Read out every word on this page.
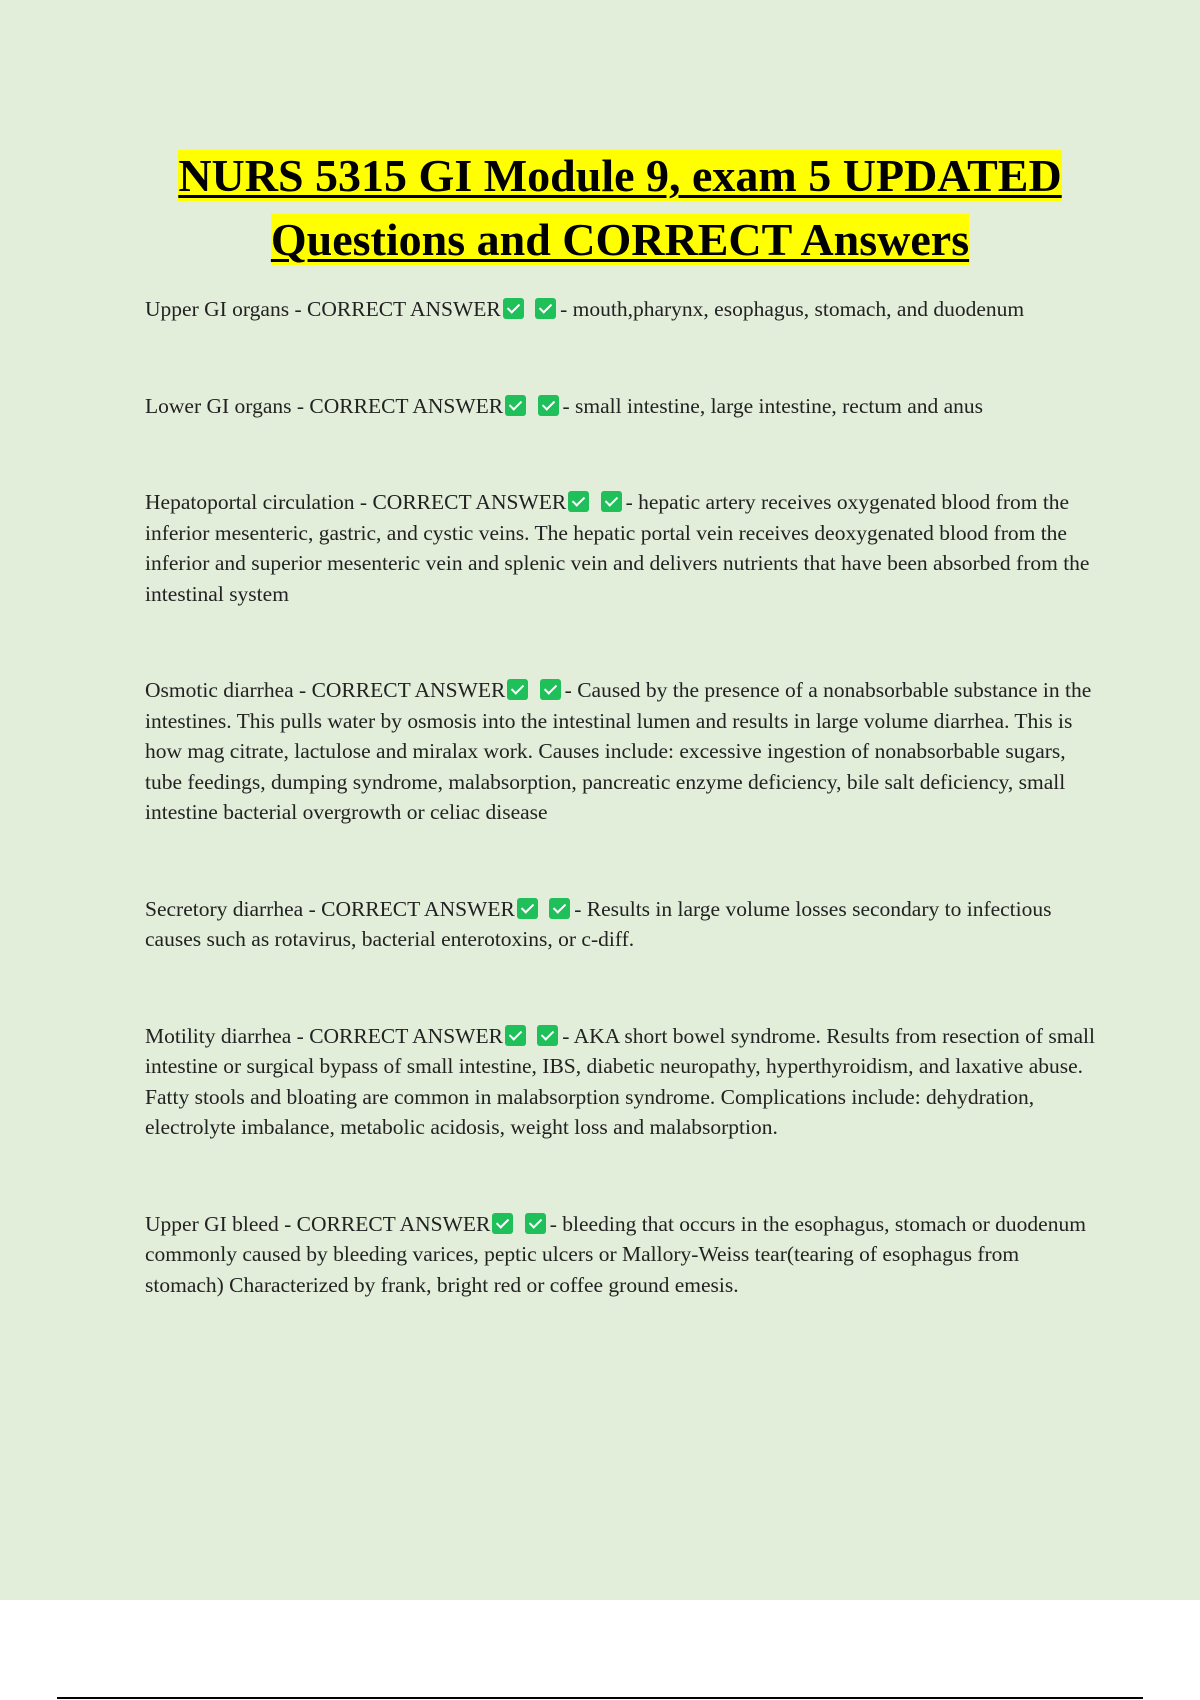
NURS 5315 GI Module 9, exam 5 UPDATED
Questions and CORRECT Answers

Upper GI organs - CORRECT ANSWER	- mouth,pharynx, esophagus, stomach, and duodenum

Lower GI organs - CORRECT ANSWER	- small intestine, large intestine, rectum and anus

Hepatoportal circulation - CORRECT ANSWER	- hepatic artery receives oxygenated blood from the inferior mesenteric, gastric, and cystic veins. The hepatic portal vein receives deoxygenated blood from the inferior and superior mesenteric vein and splenic vein and delivers nutrients that have been absorbed from the intestinal system

Osmotic diarrhea - CORRECT ANSWER	- Caused by the presence of a nonabsorbable substance in the intestines. This pulls water by osmosis into the intestinal lumen and results in large volume diarrhea. This is how mag citrate, lactulose and miralax work. Causes include: excessive ingestion of nonabsorbable sugars, tube feedings, dumping syndrome, malabsorption, pancreatic enzyme deficiency, bile salt deficiency, small intestine bacterial overgrowth or celiac disease

Secretory diarrhea - CORRECT ANSWER	- Results in large volume losses secondary to infectious causes such as rotavirus, bacterial enterotoxins, or c-diff.

Motility diarrhea - CORRECT ANSWER	- AKA short bowel syndrome. Results from resection of small intestine or surgical bypass of small intestine, IBS, diabetic neuropathy, hyperthyroidism, and laxative abuse. Fatty stools and bloating are common in malabsorption syndrome. Complications include: dehydration, electrolyte imbalance, metabolic acidosis, weight loss and malabsorption.

Upper GI bleed - CORRECT ANSWER	- bleeding that occurs in the esophagus, stomach or duodenum commonly caused by bleeding varices, peptic ulcers or Mallory-Weiss tear(tearing of esophagus from stomach) Characterized by frank, bright red or coffee ground emesis.
